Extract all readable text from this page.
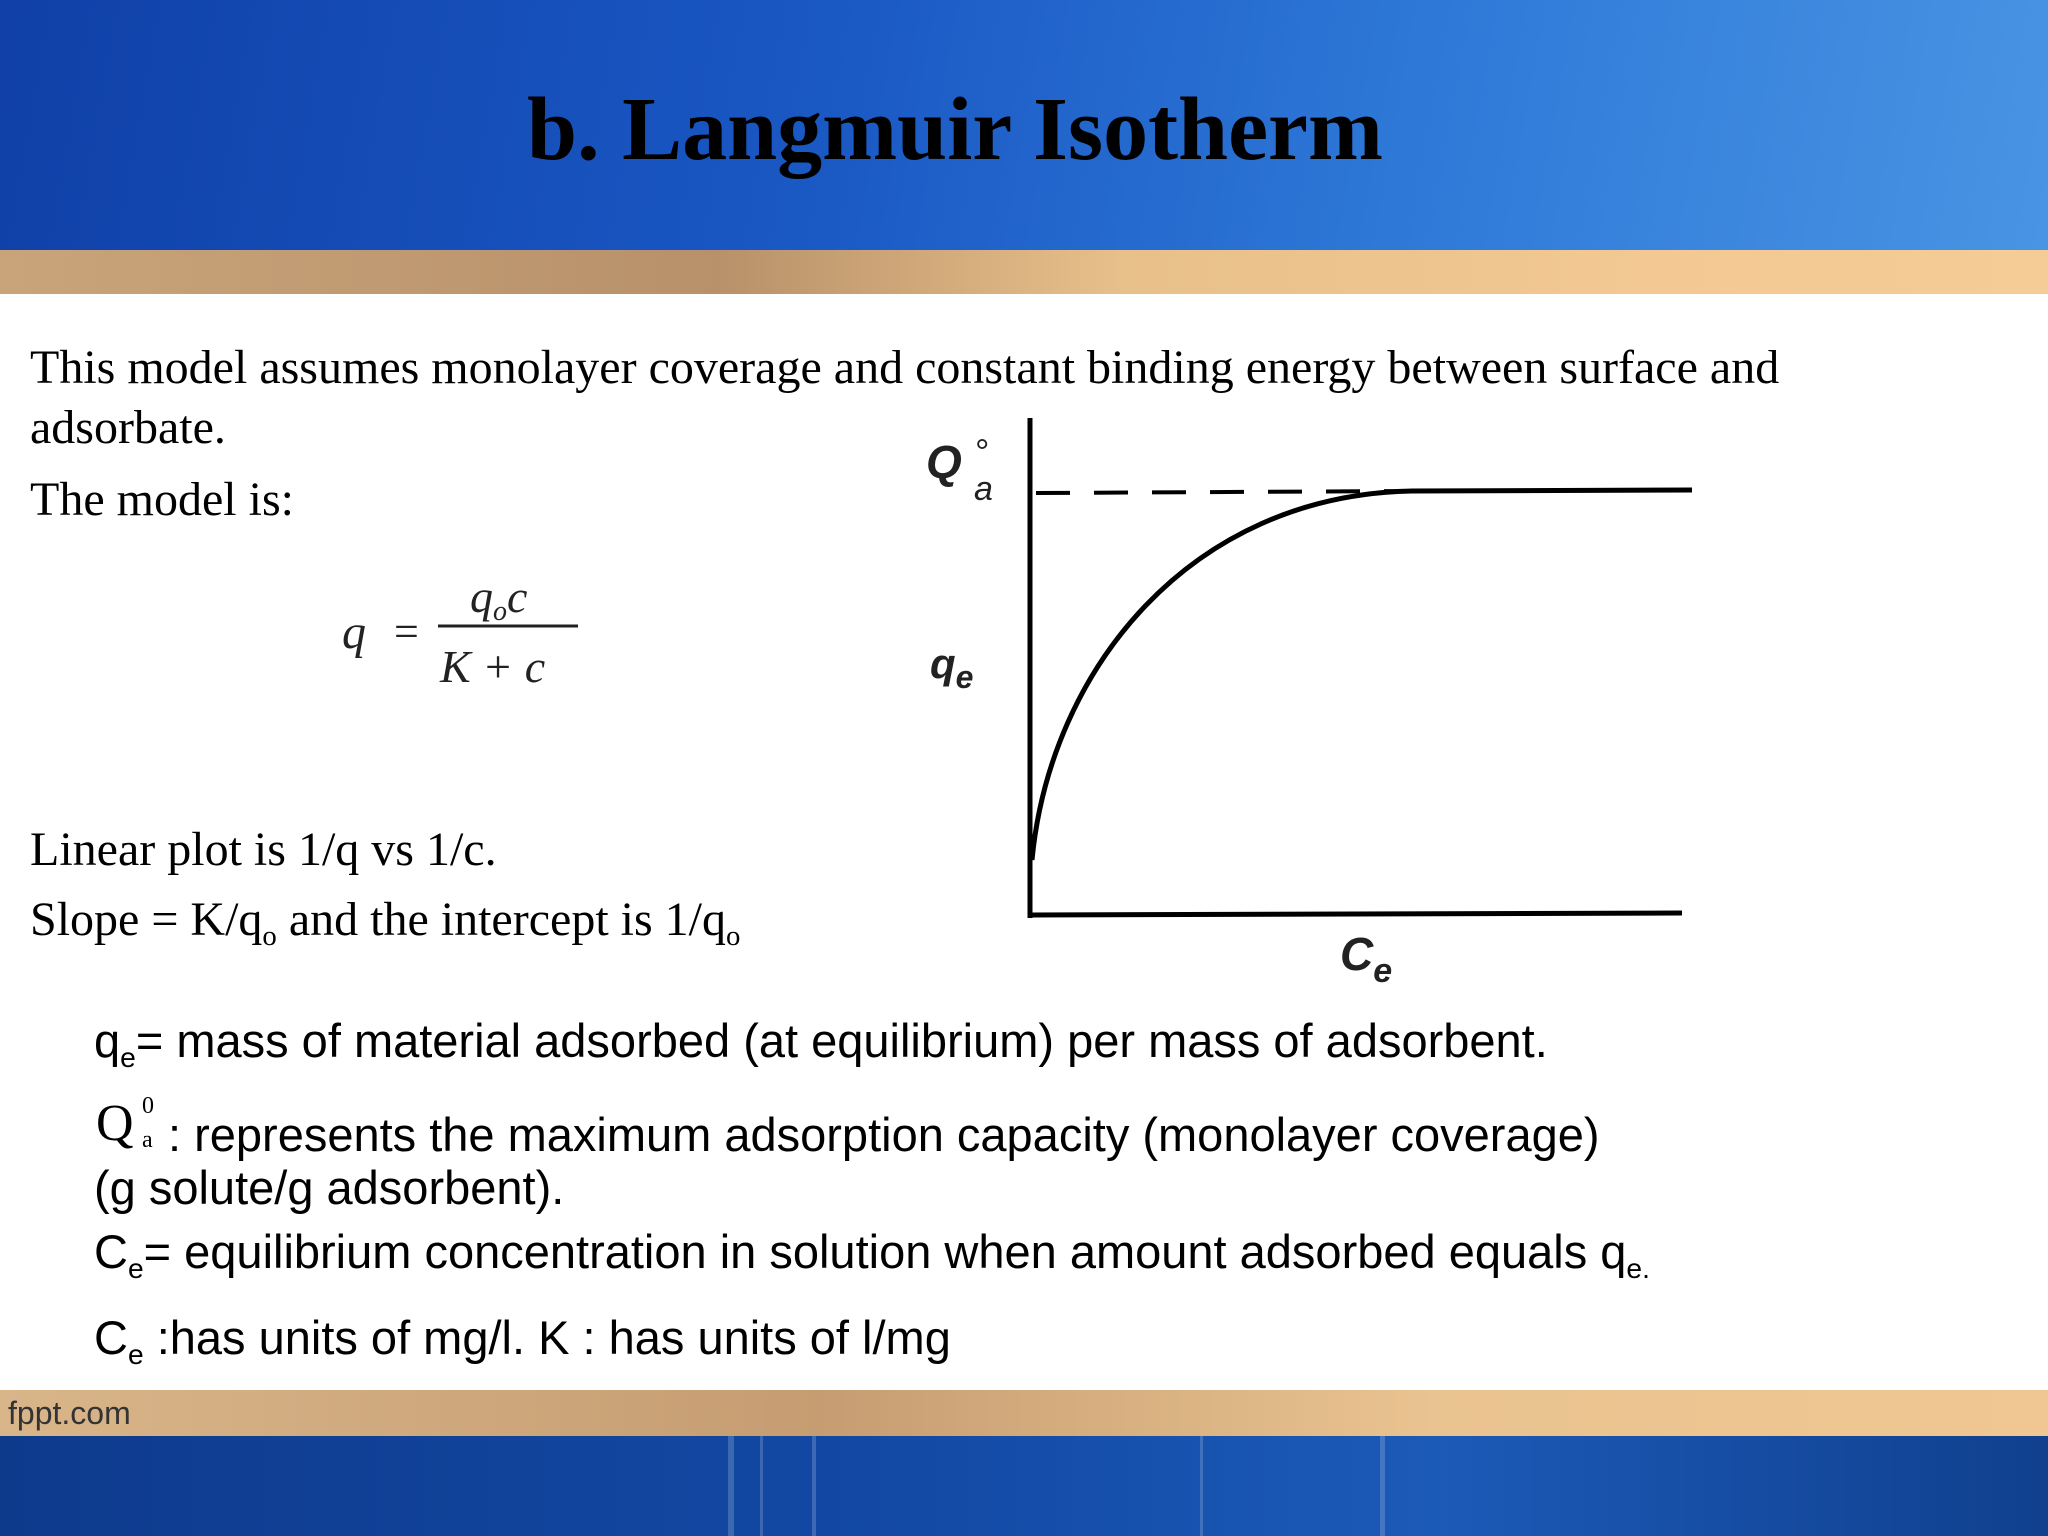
b. Langmuir Isotherm
This model assumes monolayer coverage and constant binding energy between surface and
adsorbate.
The model is:
q =
qoc
K + c
Q °
a
$q_e$
$C_e$
Linear plot is 1/q vs 1/c.
Slope = $K/q_o$ and the intercept is $1/q_o$
$q_e=$ mass of material adsorbed (at equilibrium) per mass of adsorbent.
Q 0
a : represents the maximum adsorption capacity (monolayer coverage)
(g solute/g adsorbent).
$C_e=$ equilibrium concentration in solution when amount adsorbed equals $q_{e.}$
$C_e$ :has units of mg/l. K : has units of l/mg
fppt.com
